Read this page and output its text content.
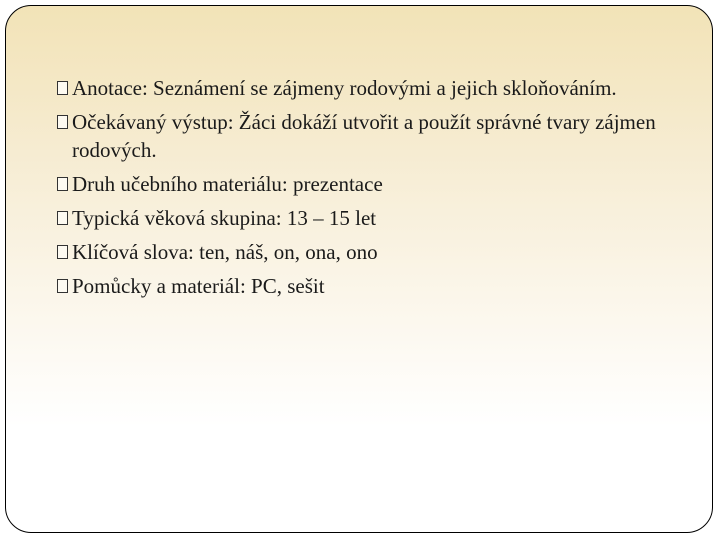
Anotace: Seznámení se zájmeny rodovými a jejich skloňováním.
Očekávaný výstup: Žáci dokáží utvořit a použít správné tvary zájmen rodových.
Druh učebního materiálu: prezentace
Typická věková skupina: 13 – 15 let
Klíčová slova: ten, náš, on, ona, ono
Pomůcky a materiál: PC, sešit
